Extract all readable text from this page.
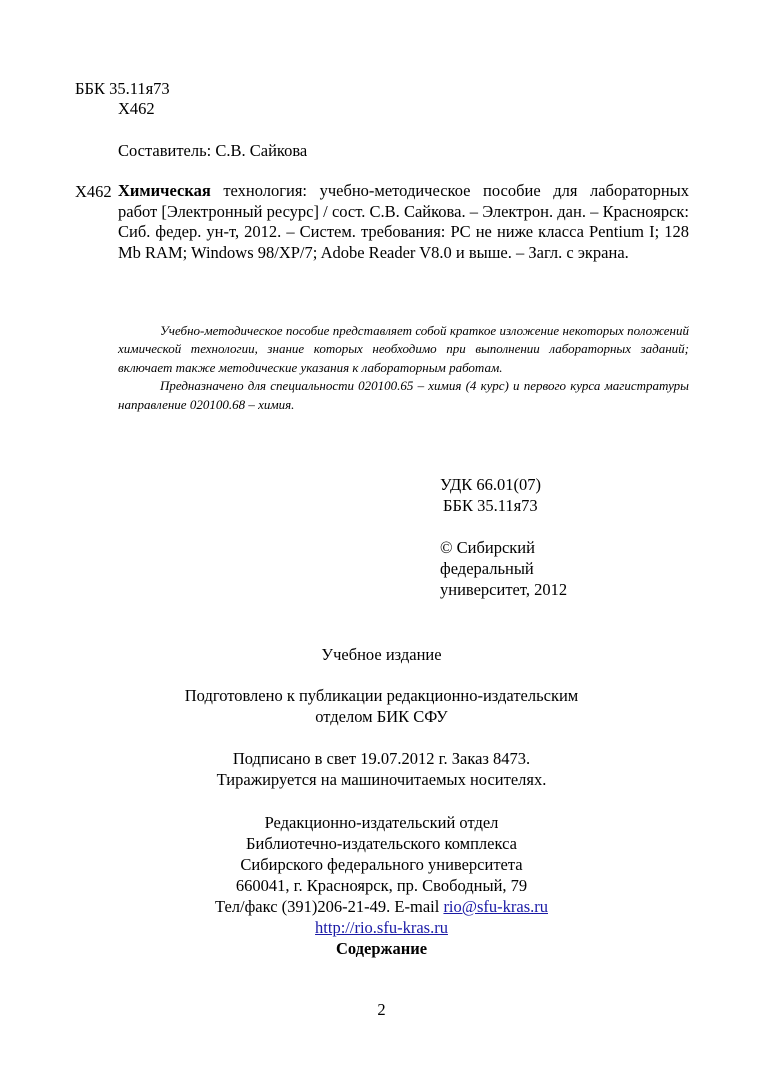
ББК 35.11я73
Х462
Составитель: С.В. Сайкова
Х462 Химическая технология: учебно-методическое пособие для лабораторных работ [Электронный ресурс] / сост. С.В. Сайкова. – Электрон. дан. – Красноярск: Сиб. федер. ун-т, 2012. – Систем. требования: PC не ниже класса Pentium I; 128 Mb RAM; Windows 98/XP/7; Adobe Reader V8.0 и выше. – Загл. с экрана.

Учебно-методическое пособие представляет собой краткое изложение некоторых положений химической технологии, знание которых необходимо при выполнении лабораторных заданий; включает также методические указания к лабораторным работам.

Предназначено для специальности 020100.65 – химия (4 курс) и первого курса магистратуры направление 020100.68 – химия.

УДК 66.01(07)
ББК 35.11я73
© Сибирский
федеральный
университет, 2012
Учебное издание
Подготовлено к публикации редакционно-издательским
отделом БИК СФУ
Подписано в свет 19.07.2012 г. Заказ 8473.
Тиражируется на машиночитаемых носителях.
Редакционно-издательский отдел
Библиотечно-издательского комплекса
Сибирского федерального университета
660041, г. Красноярск, пр. Свободный, 79
Тел/факс (391)206-21-49. E-mail rio@sfu-kras.ru
http://rio.sfu-kras.ru
Содержание
2
